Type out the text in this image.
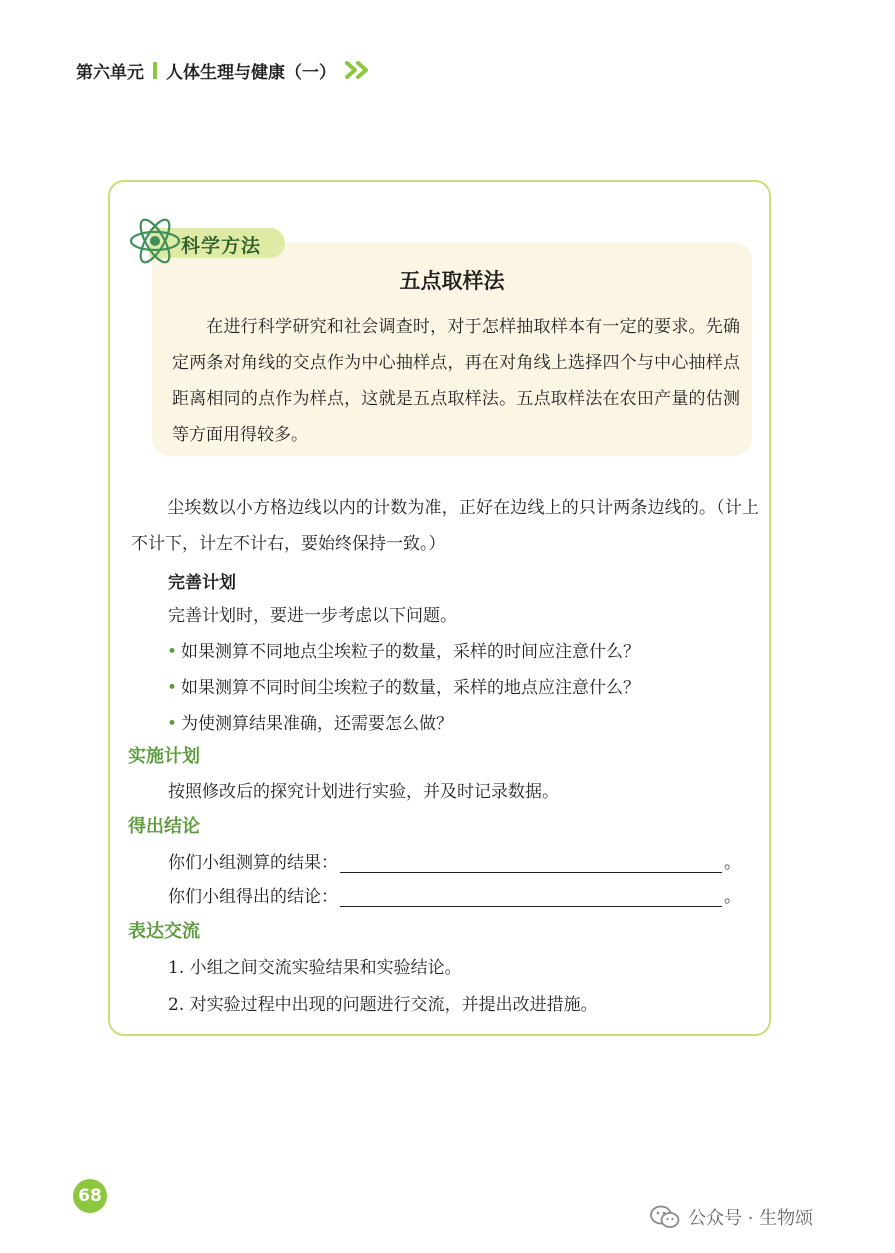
第六单元 人体生理与健康（一）
科学方法
五点取样法
在进行科学研究和社会调查时，对于怎样抽取样本有一定的要求。先确定两条对角线的交点作为中心抽样点，再在对角线上选择四个与中心抽样点距离相同的点作为样点，这就是五点取样法。五点取样法在农田产量的估测等方面用得较多。
尘埃数以小方格边线以内的计数为准，正好在边线上的只计两条边线的。（计上不计下，计左不计右，要始终保持一致。）
完善计划
完善计划时，要进一步考虑以下问题。
• 如果测算不同地点尘埃粒子的数量，采样的时间应注意什么？
• 如果测算不同时间尘埃粒子的数量，采样的地点应注意什么？
• 为使测算结果准确，还需要怎么做？
实施计划
按照修改后的探究计划进行实验，并及时记录数据。
得出结论
你们小组测算的结果：	。
你们小组得出的结论：	。
表达交流
1. 小组之间交流实验结果和实验结论。
2. 对实验过程中出现的问题进行交流，并提出改进措施。
68
公众号 · 生物颂
